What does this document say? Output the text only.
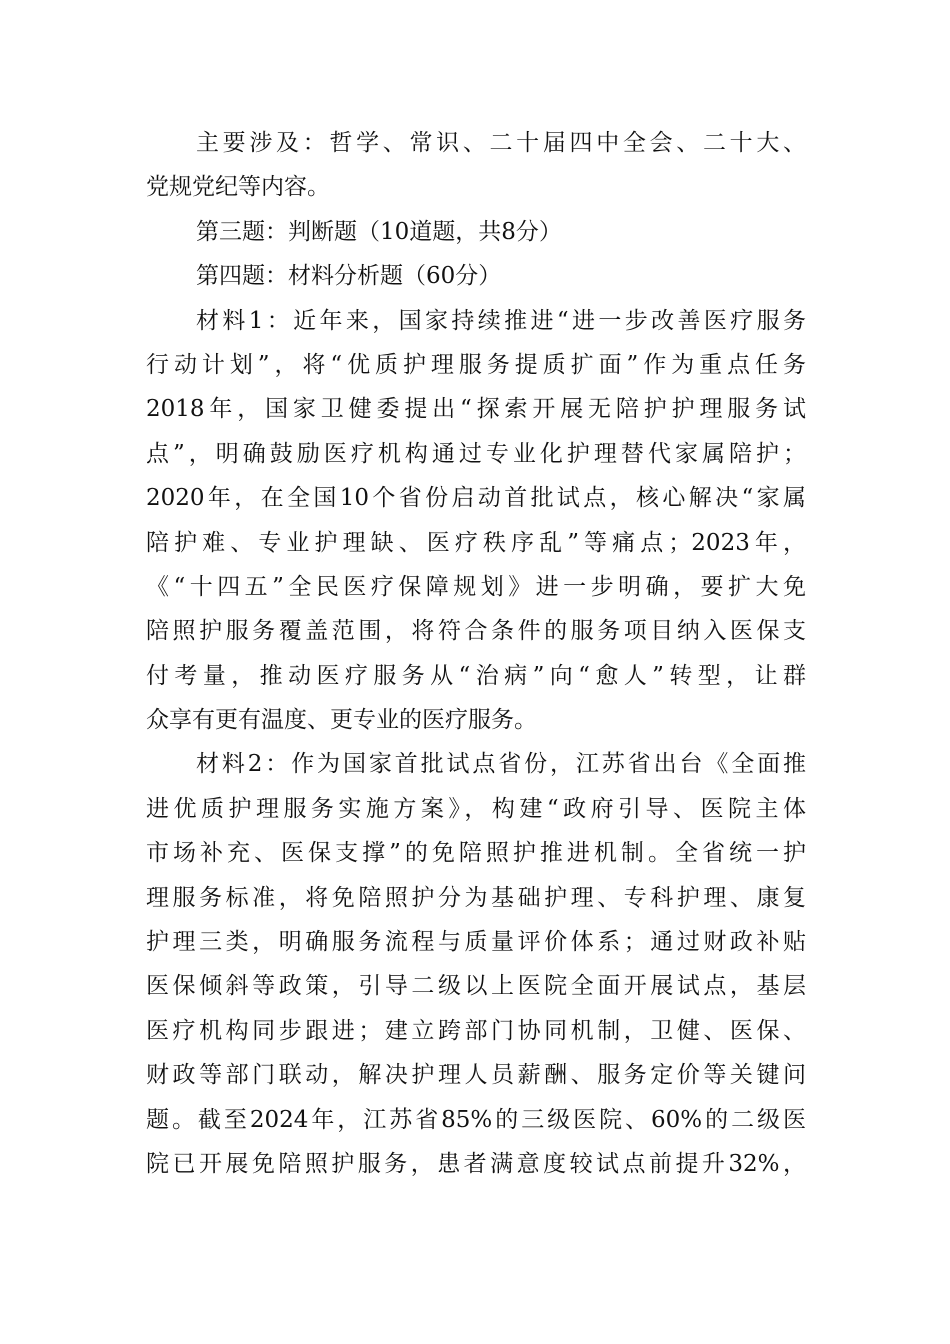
主要涉及：哲学、常识、二十届四中全会、二十大、
党规党纪等内容。
第三题：判断题（10道题，共8分）
第四题：材料分析题（60分）
材料1：近年来，国家持续推进“进一步改善医疗服务
行动计划”，将“优质护理服务提质扩面”作为重点任务
2018年，国家卫健委提出“探索开展无陪护护理服务试
点”，明确鼓励医疗机构通过专业化护理替代家属陪护；
2020年，在全国10个省份启动首批试点，核心解决“家属
陪护难、专业护理缺、医疗秩序乱”等痛点；2023年，
《“十四五”全民医疗保障规划》进一步明确，要扩大免
陪照护服务覆盖范围，将符合条件的服务项目纳入医保支
付考量，推动医疗服务从“治病”向“愈人”转型，让群
众享有更有温度、更专业的医疗服务。
材料2：作为国家首批试点省份，江苏省出台《全面推
进优质护理服务实施方案》，构建“政府引导、医院主体
市场补充、医保支撑”的免陪照护推进机制。全省统一护
理服务标准，将免陪照护分为基础护理、专科护理、康复
护理三类，明确服务流程与质量评价体系；通过财政补贴
医保倾斜等政策，引导二级以上医院全面开展试点，基层
医疗机构同步跟进；建立跨部门协同机制，卫健、医保、
财政等部门联动，解决护理人员薪酬、服务定价等关键问
题。截至2024年，江苏省85%的三级医院、60%的二级医
院已开展免陪照护服务，患者满意度较试点前提升32%，
